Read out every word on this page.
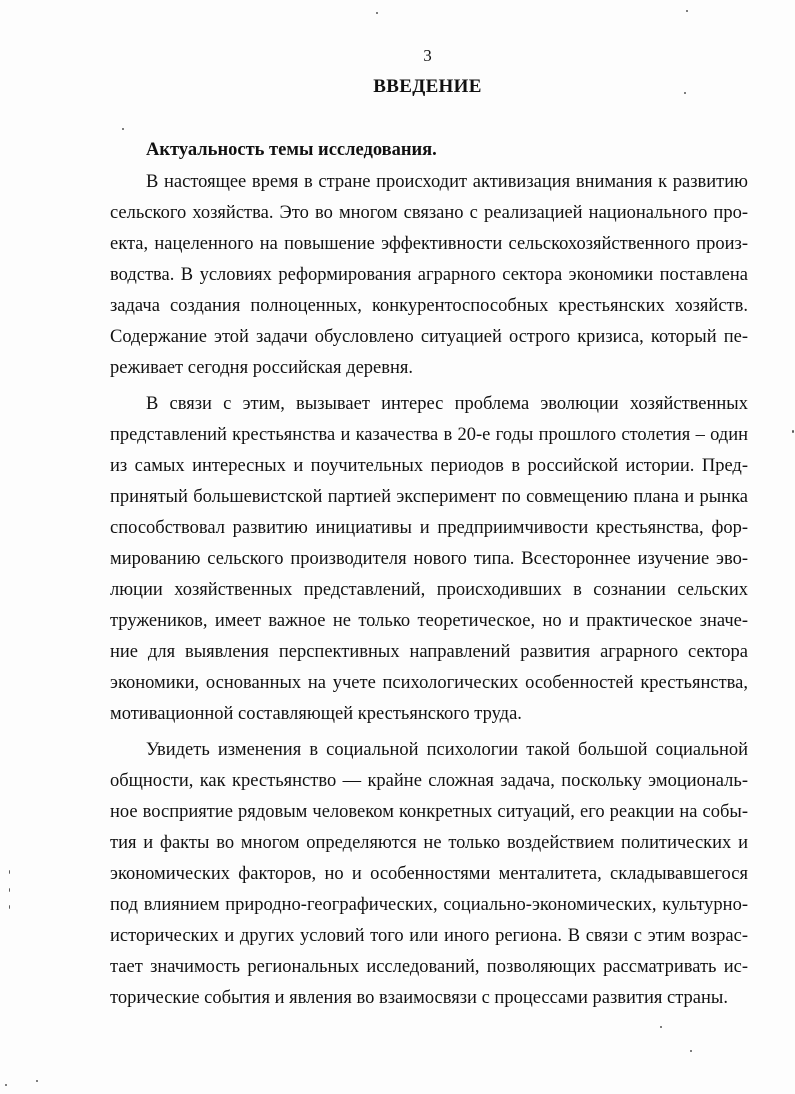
3
ВВЕДЕНИЕ
Актуальность темы исследования.
В настоящее время в стране происходит активизация внимания к развитию
сельского хозяйства. Это во многом связано с реализацией национального про-
екта, нацеленного на повышение эффективности сельскохозяйственного произ-
водства. В условиях реформирования аграрного сектора экономики поставлена
задача создания полноценных, конкурентоспособных крестьянских хозяйств.
Содержание этой задачи обусловлено ситуацией острого кризиса, который пе-
реживает сегодня российская деревня.
В связи с этим, вызывает интерес проблема эволюции хозяйственных
представлений крестьянства и казачества в 20-е годы прошлого столетия – один
из самых интересных и поучительных периодов в российской истории. Пред-
принятый большевистской партией эксперимент по совмещению плана и рынка
способствовал развитию инициативы и предприимчивости крестьянства, фор-
мированию сельского производителя нового типа. Всестороннее изучение эво-
люции хозяйственных представлений, происходивших в сознании сельских
тружеников, имеет важное не только теоретическое, но и практическое значе-
ние для выявления перспективных направлений развития аграрного сектора
экономики, основанных на учете психологических особенностей крестьянства,
мотивационной составляющей крестьянского труда.
Увидеть изменения в социальной психологии такой большой социальной
общности, как крестьянство — крайне сложная задача, поскольку эмоциональ-
ное восприятие рядовым человеком конкретных ситуаций, его реакции на собы-
тия и факты во многом определяются не только воздействием политических и
экономических факторов, но и особенностями менталитета, складывавшегося
под влиянием природно-географических, социально-экономических, культурно-
исторических и других условий того или иного региона. В связи с этим возрас-
тает значимость региональных исследований, позволяющих рассматривать ис-
торические события и явления во взаимосвязи с процессами развития страны.
